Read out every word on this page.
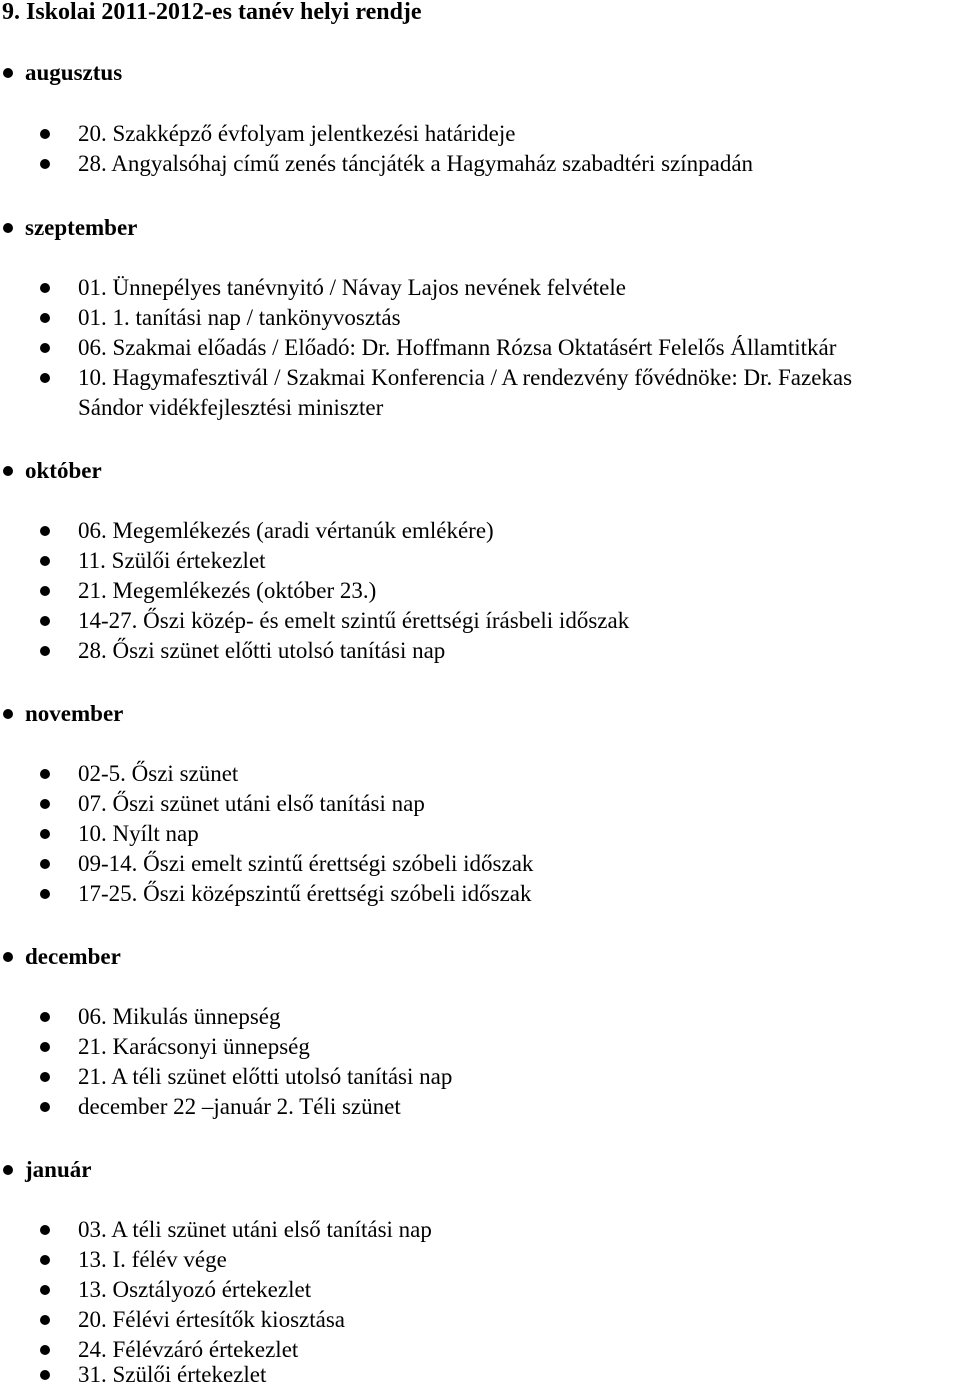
9. Iskolai 2011-2012-es tanév helyi rendje
augusztus
20. Szakképző évfolyam jelentkezési határideje
28. Angyalsóhaj című zenés táncjáték a Hagymaház szabadtéri színpadán
szeptember
01. Ünnepélyes tanévnyitó / Návay Lajos nevének felvétele
01. 1. tanítási nap / tankönyvosztás
06. Szakmai előadás / Előadó: Dr. Hoffmann Rózsa Oktatásért Felelős Államtitkár
10. Hagymafesztivál / Szakmai Konferencia / A rendezvény fővédnöke: Dr. Fazekas
Sándor vidékfejlesztési miniszter
október
06. Megemlékezés (aradi vértanúk emlékére)
11. Szülői értekezlet
21. Megemlékezés (október 23.)
14-27. Őszi közép- és emelt szintű érettségi írásbeli időszak
28. Őszi szünet előtti utolsó tanítási nap
november
02-5. Őszi szünet
07. Őszi szünet utáni első tanítási nap
10. Nyílt nap
09-14. Őszi emelt szintű érettségi szóbeli időszak
17-25. Őszi középszintű érettségi szóbeli időszak
december
06. Mikulás ünnepség
21. Karácsonyi ünnepség
21. A téli szünet előtti utolsó tanítási nap
december 22 –január 2. Téli szünet
január
03. A téli szünet utáni első tanítási nap
13. I. félév vége
13. Osztályozó értekezlet
20. Félévi értesítők kiosztása
24. Félévzáró értekezlet
31. Szülői értekezlet
